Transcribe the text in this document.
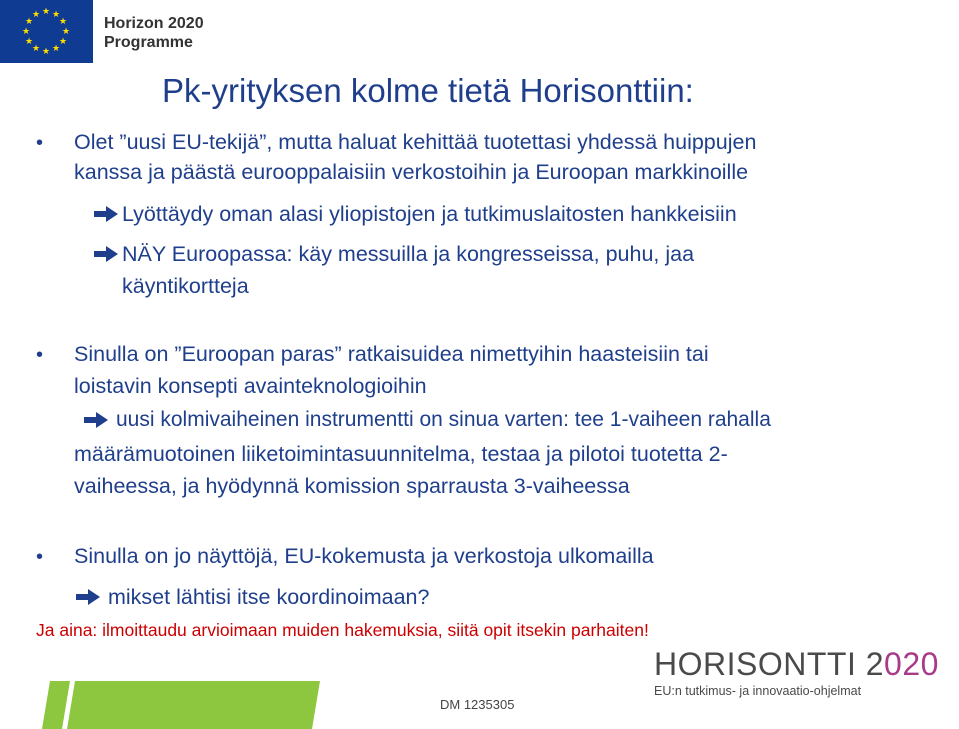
★ ★
★
★
★
★
★
★
★
★
★
★	Horizon 2020
Programme
Pk-yrityksen kolme tietä Horisonttiin:
• Olet ”uusi EU-tekijä”, mutta haluat kehittää tuotettasi yhdessä huippujen
kanssa ja päästä eurooppalaisiin verkostoihin ja Euroopan markkinoille
Lyöttäydy oman alasi yliopistojen ja tutkimuslaitosten hankkeisiin
NÄY Euroopassa: käy messuilla ja kongresseissa, puhu, jaa
käyntikortteja
• Sinulla on ”Euroopan paras” ratkaisuidea nimettyihin haasteisiin tai
loistavin konsepti avainteknologioihin
uusi kolmivaiheinen instrumentti on sinua varten: tee 1-vaiheen rahalla
määrämuotoinen liiketoimintasuunnitelma, testaa ja pilotoi tuotetta 2-
vaiheessa, ja hyödynnä komission sparrausta 3-vaiheessa
• Sinulla on jo näyttöjä, EU-kokemusta ja verkostoja ulkomailla
mikset lähtisi itse koordinoimaan?
Ja aina: ilmoittaudu arvioimaan muiden hakemuksia, siitä opit itsekin parhaiten!
HORISONTTI 2020
EU:n tutkimus- ja innovaatio-ohjelmat
DM 1235305
